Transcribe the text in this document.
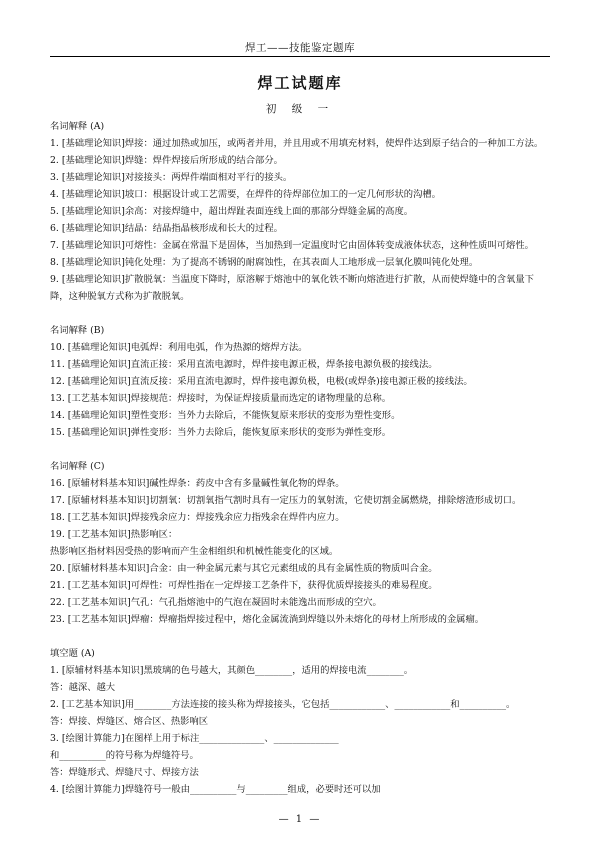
焊工——技能鉴定题库
焊工试题库
初 级 一

名词解释 (A)

1. [基础理论知识]焊接：通过加热或加压，或两者并用，并且用或不用填充材料，使焊件达到原子结合的一种加工方法。

2. [基础理论知识]焊缝：焊件焊接后所形成的结合部分。

3. [基础理论知识]对接接头：两焊件端面相对平行的接头。

4. [基础理论知识]坡口：根据设计或工艺需要，在焊件的待焊部位加工的一定几何形状的沟槽。

5. [基础理论知识]余高：对接焊缝中，超出焊趾表面连线上面的那部分焊缝金属的高度。

6. [基础理论知识]结晶：结晶指晶核形成和长大的过程。

7. [基础理论知识]可熔性：金属在常温下是固体，当加热到一定温度时它由固体转变成液体状态，这种性质叫可熔性。

8. [基础理论知识]钝化处理：为了提高不锈钢的耐腐蚀性，在其表面人工地形成一层氧化膜叫钝化处理。

9. [基础理论知识]扩散脱氧：当温度下降时，原溶解于熔池中的氧化铁不断向熔渣进行扩散，从而使焊缝中的含氧量下降，这种脱氧方式称为扩散脱氧。

名词解释 (B)

10. [基础理论知识]电弧焊：利用电弧，作为热源的熔焊方法。

11. [基础理论知识]直流正接：采用直流电源时，焊件接电源正极，焊条接电源负极的接线法。

12. [基础理论知识]直流反接：采用直流电源时，焊件接电源负极，电极(或焊条)接电源正极的接线法。

13. [工艺基本知识]焊接规范：焊接时，为保证焊接质量而选定的诸物理量的总称。

14. [基础理论知识]塑性变形：当外力去除后，不能恢复原来形状的变形为塑性变形。

15. [基础理论知识]弹性变形：当外力去除后，能恢复原来形状的变形为弹性变形。

名词解释 (C)

16. [原辅材料基本知识]碱性焊条：药皮中含有多量碱性氧化物的焊条。

17. [原辅材料基本知识]切割氧：切割氧指气割时具有一定压力的氧射流，它使切割金属燃烧，排除熔渣形成切口。

18. [工艺基本知识]焊接残余应力：焊接残余应力指残余在焊件内应力。

19. [工艺基本知识]热影响区：

热影响区指材料因受热的影响而产生金相组织和机械性能变化的区域。

20. [原辅材料基本知识]合金：由一种金属元素与其它元素组成的具有金属性质的物质叫合金。

21. [工艺基本知识]可焊性：可焊性指在一定焊接工艺条件下，获得优质焊接接头的难易程度。

22. [工艺基本知识]气孔：气孔指熔池中的气泡在凝固时未能逸出而形成的空穴。

23. [工艺基本知识]焊瘤：焊瘤指焊接过程中，熔化金属流淌到焊缝以外未熔化的母材上所形成的金属瘤。

填空题 (A)

1. [原辅材料基本知识]黑玻璃的色号越大，其颜色________，适用的焊接电流________。

答：越深、越大

2. [工艺基本知识]用________方法连接的接头称为焊接接头，它包括____________、____________和__________。

答：焊接、焊缝区、熔合区、热影响区

3. [绘图计算能力]在图样上用于标注______________、______________

和__________的符号称为焊缝符号。

答：焊缝形式、焊缝尺寸、焊接方法

4. [绘图计算能力]焊缝符号一般由__________与_________组成，必要时还可以加

— 1 —
